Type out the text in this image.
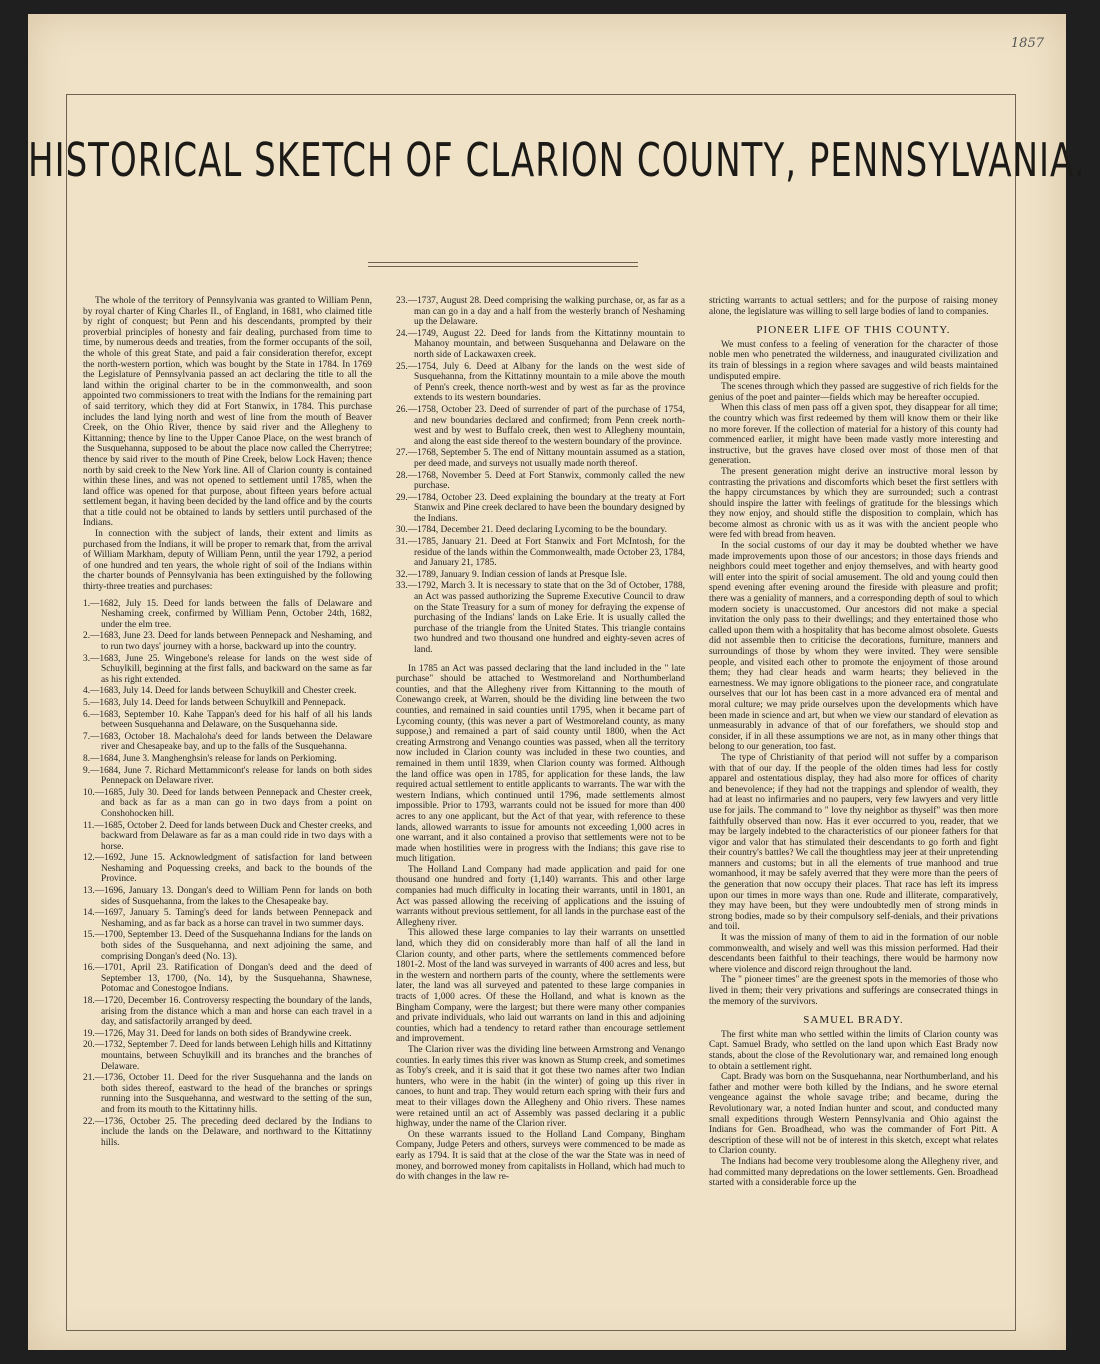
1857
HISTORICAL SKETCH OF CLARION COUNTY, PENNSYLVANIA.

The whole of the territory of Pennsylvania was granted to William Penn, by royal charter of King Charles II., of England, in 1681, who claimed title by right of conquest; but Penn and his descendants, prompted by their proverbial principles of honesty and fair dealing, purchased from time to time, by numerous deeds and treaties, from the former occupants of the soil, the whole of this great State, and paid a fair consideration therefor, except the north-western portion, which was bought by the State in 1784. In 1769 the Legislature of Pennsylvania passed an act declaring the title to all the land within the original charter to be in the commonwealth, and soon appointed two commissioners to treat with the Indians for the remaining part of said territory, which they did at Fort Stanwix, in 1784. This purchase includes the land lying north and west of line from the mouth of Beaver Creek, on the Ohio River, thence by said river and the Allegheny to Kittanning; thence by line to the Upper Canoe Place, on the west branch of the Susquehanna, supposed to be about the place now called the Cherrytree; thence by said river to the mouth of Pine Creek, below Lock Haven; thence north by said creek to the New York line. All of Clarion county is contained within these lines, and was not opened to settlement until 1785, when the land office was opened for that purpose, about fifteen years before actual settlement began, it having been decided by the land office and by the courts that a title could not be obtained to lands by settlers until purchased of the Indians.

In connection with the subject of lands, their extent and limits as purchased from the Indians, it will be proper to remark that, from the arrival of William Markham, deputy of William Penn, until the year 1792, a period of one hundred and ten years, the whole right of soil of the Indians within the charter bounds of Pennsylvania has been extinguished by the following thirty-three treaties and purchases:

1.—1682, July 15. Deed for lands between the falls of Delaware and Neshaming creek, confirmed by William Penn, October 24th, 1682, under the elm tree.

2.—1683, June 23. Deed for lands between Pennepack and Neshaming, and to run two days' journey with a horse, backward up into the country.

3.—1683, June 25. Wingebone's release for lands on the west side of Schuylkill, beginning at the first falls, and backward on the same as far as his right extended.

4.—1683, July 14. Deed for lands between Schuylkill and Chester creek.

5.—1683, July 14. Deed for lands between Schuylkill and Pennepack.

6.—1683, September 10. Kahe Tappan's deed for his half of all his lands between Susquehanna and Delaware, on the Susquehanna side.

7.—1683, October 18. Machaloha's deed for lands between the Delaware river and Chesapeake bay, and up to the falls of the Susquehanna.

8.—1684, June 3. Manghenghsin's release for lands on Perkioming.

9.—1684, June 7. Richard Mettammicont's release for lands on both sides Pennepack on Delaware river.

10.—1685, July 30. Deed for lands between Pennepack and Chester creek, and back as far as a man can go in two days from a point on Conshohocken hill.

11.—1685, October 2. Deed for lands between Duck and Chester creeks, and backward from Delaware as far as a man could ride in two days with a horse.

12.—1692, June 15. Acknowledgment of satisfaction for land between Neshaming and Poquessing creeks, and back to the bounds of the Province.

13.—1696, January 13. Dongan's deed to William Penn for lands on both sides of Susquehanna, from the lakes to the Chesapeake bay.

14.—1697, January 5. Taming's deed for lands between Pennepack and Neshaming, and as far back as a horse can travel in two summer days.

15.—1700, September 13. Deed of the Susquehanna Indians for the lands on both sides of the Susquehanna, and next adjoining the same, and comprising Dongan's deed (No. 13).

16.—1701, April 23. Ratification of Dongan's deed and the deed of September 13, 1700, (No. 14), by the Susquehanna, Shawnese, Potomac and Conestogoe Indians.

18.—1720, December 16. Controversy respecting the boundary of the lands, arising from the distance which a man and horse can each travel in a day, and satisfactorily arranged by deed.

19.—1726, May 31. Deed for lands on both sides of Brandywine creek.

20.—1732, September 7. Deed for lands between Lehigh hills and Kittatinny mountains, between Schuylkill and its branches and the branches of Delaware.

21.—1736, October 11. Deed for the river Susquehanna and the lands on both sides thereof, eastward to the head of the branches or springs running into the Susquehanna, and westward to the setting of the sun, and from its mouth to the Kittatinny hills.

22.—1736, October 25. The preceding deed declared by the Indians to include the lands on the Delaware, and northward to the Kittatinny hills.

23.—1737, August 28. Deed comprising the walking purchase, or, as far as a man can go in a day and a half from the westerly branch of Neshaming up the Delaware.

24.—1749, August 22. Deed for lands from the Kittatinny mountain to Mahanoy mountain, and between Susquehanna and Delaware on the north side of Lackawaxen creek.

25.—1754, July 6. Deed at Albany for the lands on the west side of Susquehanna, from the Kittatinny mountain to a mile above the mouth of Penn's creek, thence north-west and by west as far as the province extends to its western boundaries.

26.—1758, October 23. Deed of surrender of part of the purchase of 1754, and new boundaries declared and confirmed; from Penn creek north-west and by west to Buffalo creek, then west to Allegheny mountain, and along the east side thereof to the western boundary of the province.

27.—1768, September 5. The end of Nittany mountain assumed as a station, per deed made, and surveys not usually made north thereof.

28.—1768, November 5. Deed at Fort Stanwix, commonly called the new purchase.

29.—1784, October 23. Deed explaining the boundary at the treaty at Fort Stanwix and Pine creek declared to have been the boundary designed by the Indians.

30.—1784, December 21. Deed declaring Lycoming to be the boundary.

31.—1785, January 21. Deed at Fort Stanwix and Fort McIntosh, for the residue of the lands within the Commonwealth, made October 23, 1784, and January 21, 1785.

32.—1789, January 9. Indian cession of lands at Presque Isle.

33.—1792, March 3. It is necessary to state that on the 3d of October, 1788, an Act was passed authorizing the Supreme Executive Council to draw on the State Treasury for a sum of money for defraying the expense of purchasing of the Indians' lands on Lake Erie. It is usually called the purchase of the triangle from the United States. This triangle contains two hundred and two thousand one hundred and eighty-seven acres of land.

In 1785 an Act was passed declaring that the land included in the " late purchase" should be attached to Westmoreland and Northumberland counties, and that the Allegheny river from Kittanning to the mouth of Conewango creek, at Warren, should be the dividing line between the two counties, and remained in said counties until 1795, when it became part of Lycoming county, (this was never a part of Westmoreland county, as many suppose,) and remained a part of said county until 1800, when the Act creating Armstrong and Venango counties was passed, when all the territory now included in Clarion county was included in these two counties, and remained in them until 1839, when Clarion county was formed. Although the land office was open in 1785, for application for these lands, the law required actual settlement to entitle applicants to warrants. The war with the western Indians, which continued until 1796, made settlements almost impossible. Prior to 1793, warrants could not be issued for more than 400 acres to any one applicant, but the Act of that year, with reference to these lands, allowed warrants to issue for amounts not exceeding 1,000 acres in one warrant, and it also contained a proviso that settlements were not to be made when hostilities were in progress with the Indians; this gave rise to much litigation.

The Holland Land Company had made application and paid for one thousand one hundred and forty (1,140) warrants. This and other large companies had much difficulty in locating their warrants, until in 1801, an Act was passed allowing the receiving of applications and the issuing of warrants without previous settlement, for all lands in the purchase east of the Allegheny river.

This allowed these large companies to lay their warrants on unsettled land, which they did on considerably more than half of all the land in Clarion county, and other parts, where the settlements commenced before 1801-2. Most of the land was surveyed in warrants of 400 acres and less, but in the western and northern parts of the county, where the settlements were later, the land was all surveyed and patented to these large companies in tracts of 1,000 acres. Of these the Holland, and what is known as the Bingham Company, were the largest; but there were many other companies and private individuals, who laid out warrants on land in this and adjoining counties, which had a tendency to retard rather than encourage settlement and improvement.

The Clarion river was the dividing line between Armstrong and Venango counties. In early times this river was known as Stump creek, and sometimes as Toby's creek, and it is said that it got these two names after two Indian hunters, who were in the habit (in the winter) of going up this river in canoes, to hunt and trap. They would return each spring with their furs and meat to their villages down the Allegheny and Ohio rivers. These names were retained until an act of Assembly was passed declaring it a public highway, under the name of the Clarion river.

On these warrants issued to the Holland Land Company, Bingham Company, Judge Peters and others, surveys were commenced to be made as early as 1794. It is said that at the close of the war the State was in need of money, and borrowed money from capitalists in Holland, which had much to do with changes in the law re-

stricting warrants to actual settlers; and for the purpose of raising money alone, the legislature was willing to sell large bodies of land to companies.

PIONEER LIFE OF THIS COUNTY.

We must confess to a feeling of veneration for the character of those noble men who penetrated the wilderness, and inaugurated civilization and its train of blessings in a region where savages and wild beasts maintained undisputed empire.

The scenes through which they passed are suggestive of rich fields for the genius of the poet and painter—fields which may be hereafter occupied.

When this class of men pass off a given spot, they disappear for all time; the country which was first redeemed by them will know them or their like no more forever. If the collection of material for a history of this county had commenced earlier, it might have been made vastly more interesting and instructive, but the graves have closed over most of those men of that generation.

The present generation might derive an instructive moral lesson by contrasting the privations and discomforts which beset the first settlers with the happy circumstances by which they are surrounded; such a contrast should inspire the latter with feelings of gratitude for the blessings which they now enjoy, and should stifle the disposition to complain, which has become almost as chronic with us as it was with the ancient people who were fed with bread from heaven.

In the social customs of our day it may be doubted whether we have made improvements upon those of our ancestors; in those days friends and neighbors could meet together and enjoy themselves, and with hearty good will enter into the spirit of social amusement. The old and young could then spend evening after evening around the fireside with pleasure and profit; there was a geniality of manners, and a corresponding depth of soul to which modern society is unaccustomed. Our ancestors did not make a special invitation the only pass to their dwellings; and they entertained those who called upon them with a hospitality that has become almost obsolete. Guests did not assemble then to criticise the decorations, furniture, manners and surroundings of those by whom they were invited. They were sensible people, and visited each other to promote the enjoyment of those around them; they had clear heads and warm hearts; they believed in the earnestness. We may ignore obligations to the pioneer race, and congratulate ourselves that our lot has been cast in a more advanced era of mental and moral culture; we may pride ourselves upon the developments which have been made in science and art, but when we view our standard of elevation as unmeasurably in advance of that of our forefathers, we should stop and consider, if in all these assumptions we are not, as in many other things that belong to our generation, too fast.

The type of Christianity of that period will not suffer by a comparison with that of our day. If the people of the olden times had less for costly apparel and ostentatious display, they had also more for offices of charity and benevolence; if they had not the trappings and splendor of wealth, they had at least no infirmaries and no paupers, very few lawyers and very little use for jails. The command to " love thy neighbor as thyself" was then more faithfully observed than now. Has it ever occurred to you, reader, that we may be largely indebted to the characteristics of our pioneer fathers for that vigor and valor that has stimulated their descendants to go forth and fight their country's battles? We call the thoughtless may jeer at their unpretending manners and customs; but in all the elements of true manhood and true womanhood, it may be safely averred that they were more than the peers of the generation that now occupy their places. That race has left its impress upon our times in more ways than one. Rude and illiterate, comparatively, they may have been, but they were undoubtedly men of strong minds in strong bodies, made so by their compulsory self-denials, and their privations and toil.

It was the mission of many of them to aid in the formation of our noble commonwealth, and wisely and well was this mission performed. Had their descendants been faithful to their teachings, there would be harmony now where violence and discord reign throughout the land.

The " pioneer times" are the greenest spots in the memories of those who lived in them; their very privations and sufferings are consecrated things in the memory of the survivors.

SAMUEL BRADY.

The first white man who settled within the limits of Clarion county was Capt. Samuel Brady, who settled on the land upon which East Brady now stands, about the close of the Revolutionary war, and remained long enough to obtain a settlement right.

Capt. Brady was born on the Susquehanna, near Northumberland, and his father and mother were both killed by the Indians, and he swore eternal vengeance against the whole savage tribe; and became, during the Revolutionary war, a noted Indian hunter and scout, and conducted many small expeditions through Western Pennsylvania and Ohio against the Indians for Gen. Broadhead, who was the commander of Fort Pitt. A description of these will not be of interest in this sketch, except what relates to Clarion county.

The Indians had become very troublesome along the Allegheny river, and had committed many depredations on the lower settlements. Gen. Broadhead started with a considerable force up the
